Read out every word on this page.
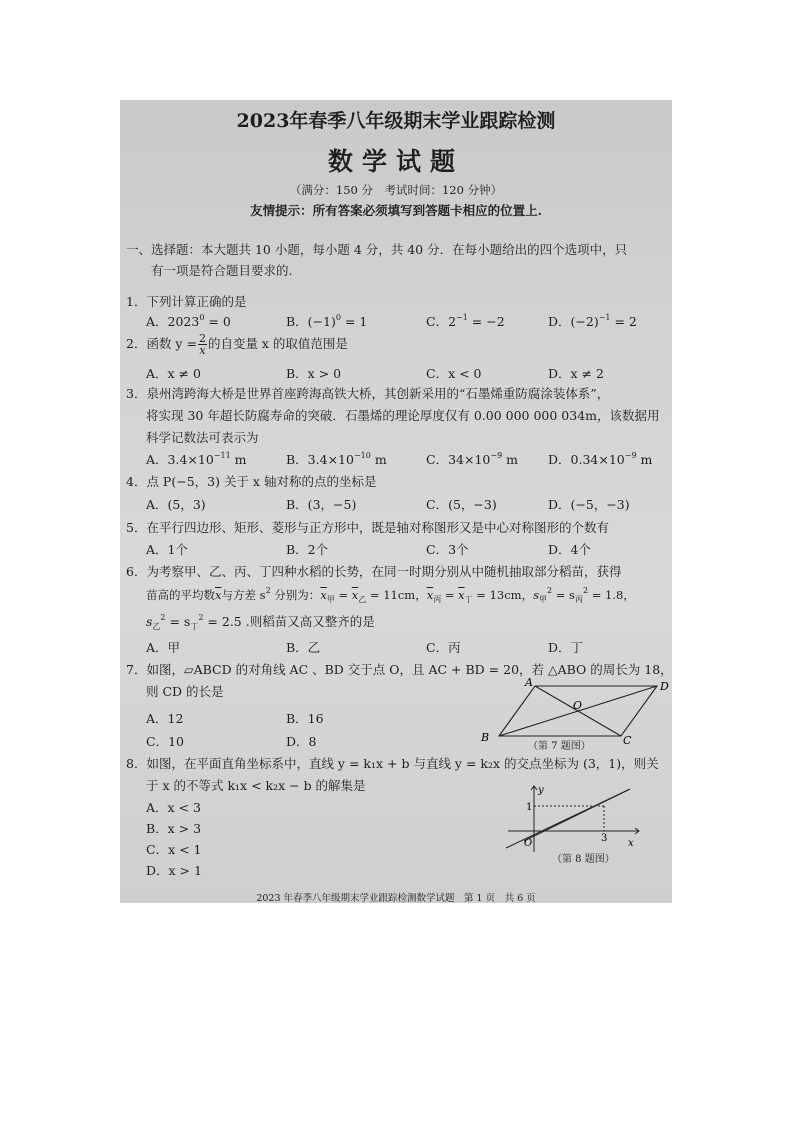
2023年春季八年级期末学业跟踪检测
数学试题
（满分：150 分　考试时间：120 分钟）
友情提示：所有答案必须填写到答题卡相应的位置上.
一、选择题：本大题共 10 小题，每小题 4 分，共 40 分．在每小题给出的四个选项中，只
有一项是符合题目要求的.
1．下列计算正确的是
A．$2023^0 = 0$	B．$(-1)^0 = 1$	C．$2^{-1} = -2$	D．$(-2)^{-1} = 2$
2．函数 $y = \frac{2}{x}$ 的自变量 x 的取值范围是
A．x ≠ 0	B．x > 0	C．x < 0	D．x ≠ 2
3．泉州湾跨海大桥是世界首座跨海高铁大桥，其创新采用的“石墨烯重防腐涂装体系”，
将实现 30 年超长防腐寿命的突破．石墨烯的理论厚度仅有 0.00 000 000 034m，该数据用
科学记数法可表示为
A．$3.4\times 10^{-11}$ m	B．$3.4\times 10^{-10}$ m	C．$34\times 10^{-9}$ m D．$0.34\times 10^{-9}$ m
4．点 P(−5，3) 关于 x 轴对称的点的坐标是
A．(5，3)	B．(3，−5)	C．(5，−3)	D．(−5，−3)
5．在平行四边形、矩形、菱形与正方形中，既是轴对称图形又是中心对称图形的个数有
A．1个	B．2个	C．3个	D．4个
6．为考察甲、乙、丙、丁四种水稻的长势，在同一时期分别从中随机抽取部分稻苗，获得
苗高的平均数$\overline{x}$与方差 $s^2$ 分别为：$\overline{x}_甲 = \overline{x}_乙 = 11cm$，$\overline{x}_丙 = \overline{x}_丁 = 13cm$，$s_甲^2 = s_丙^2 = 1.8$，
$s_乙^2 = s_丁^2 = 2.5$ .则稻苗又高又整齐的是
A．甲	B．乙	C．丙	D．丁
7．如图，▱ABCD 的对角线 AC 、BD 交于点 O，且 AC + BD = 20，若 △ABO 的周长为 18，
则 CD 的长是
A．12	B．16
C．10	D．8
A	D
B	C
O
（第 7 题图）
8．如图，在平面直角坐标系中，直线 y = k₁x + b 与直线 y = k₂x 的交点坐标为 (3，1)，则关
于 x 的不等式 k₁x < k₂x − b 的解集是
A．x < 3
B．x > 3
C．x < 1
D．x > 1
y
x
O
1
3
（第 8 题图）
2023 年春季八年级期末学业跟踪检测数学试题　第 1 页　共 6 页
